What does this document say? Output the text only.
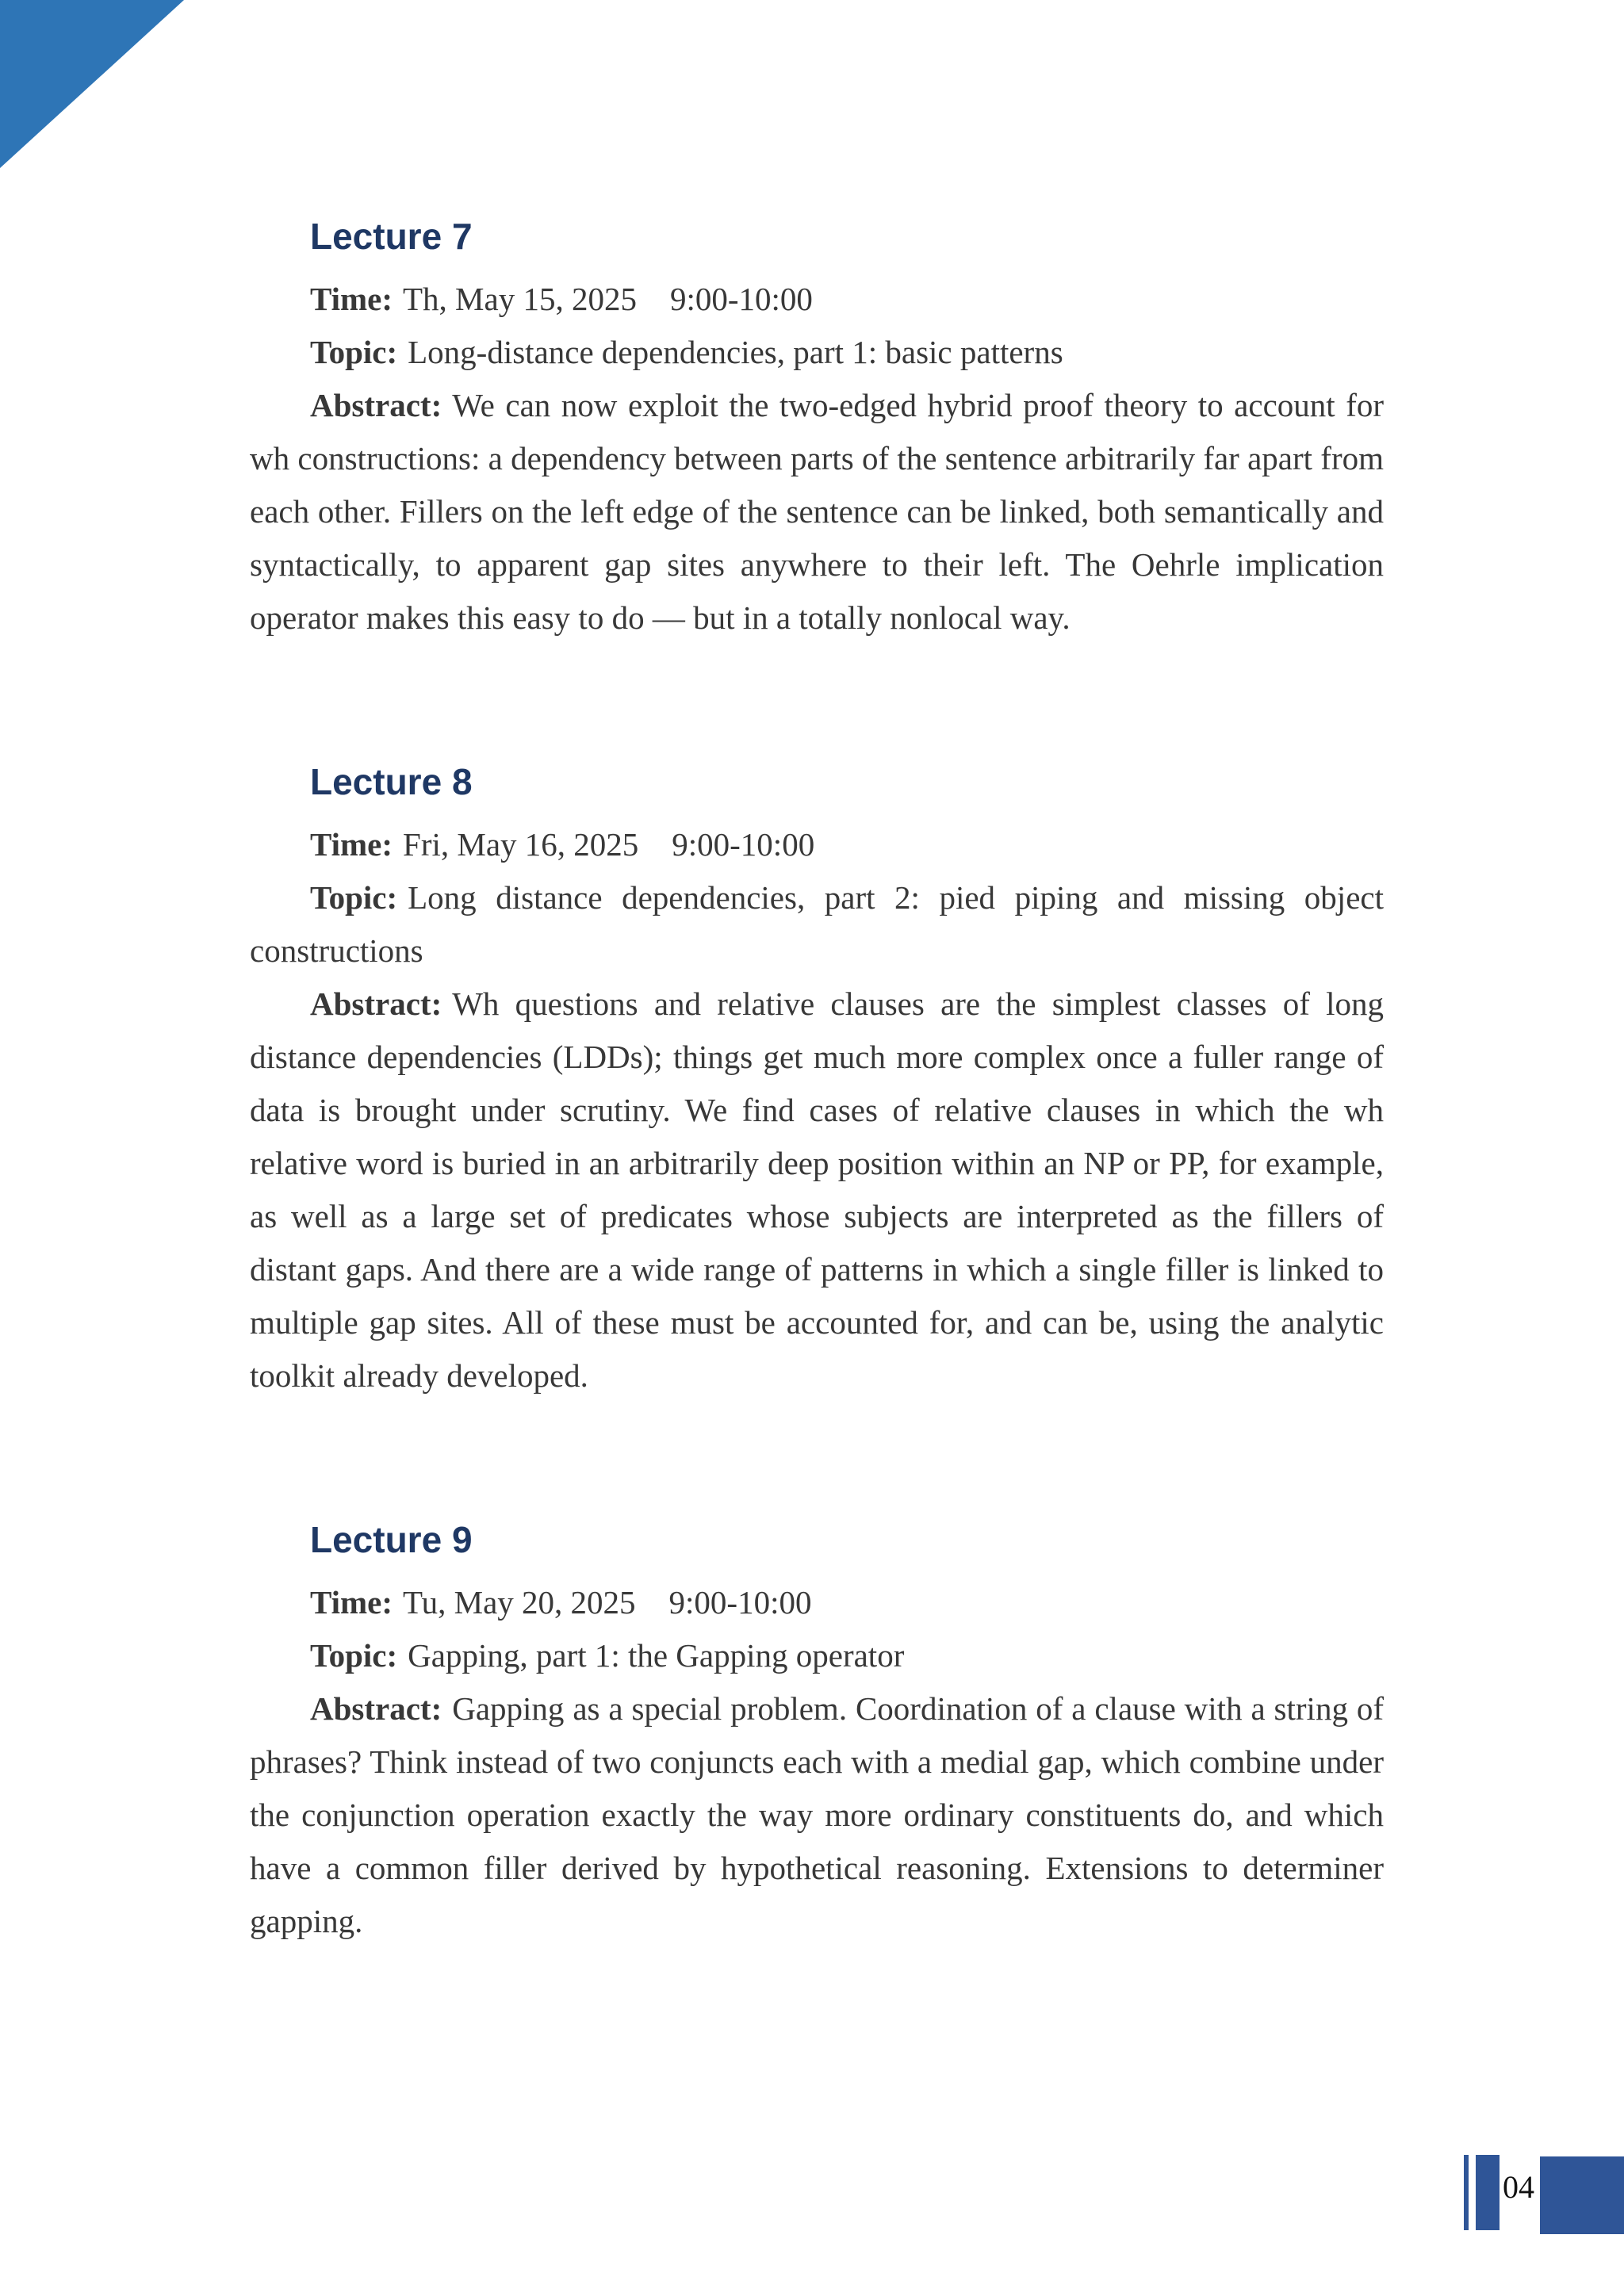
Lecture 7

Time: Th, May 15, 2025 9:00-10:00

Topic: Long-distance dependencies, part 1: basic patterns

Abstract: We can now exploit the two-edged hybrid proof theory to account for wh constructions: a dependency between parts of the sentence arbitrarily far apart from each other. Fillers on the left edge of the sentence can be linked, both semantically and syntactically, to apparent gap sites anywhere to their left. The Oehrle implication operator makes this easy to do — but in a totally nonlocal way.

Lecture 8

Time: Fri, May 16, 2025 9:00-10:00

Topic: Long distance dependencies, part 2: pied piping and missing object constructions

Abstract: Wh questions and relative clauses are the simplest classes of long distance dependencies (LDDs); things get much more complex once a fuller range of data is brought under scrutiny. We find cases of relative clauses in which the wh relative word is buried in an arbitrarily deep position within an NP or PP, for example, as well as a large set of predicates whose subjects are interpreted as the fillers of distant gaps. And there are a wide range of patterns in which a single filler is linked to multiple gap sites. All of these must be accounted for, and can be, using the analytic toolkit already developed.

Lecture 9

Time: Tu, May 20, 2025 9:00-10:00

Topic: Gapping, part 1: the Gapping operator

Abstract: Gapping as a special problem. Coordination of a clause with a string of phrases? Think instead of two conjuncts each with a medial gap, which combine under the conjunction operation exactly the way more ordinary constituents do, and which have a common filler derived by hypothetical reasoning. Extensions to determiner gapping.

04
